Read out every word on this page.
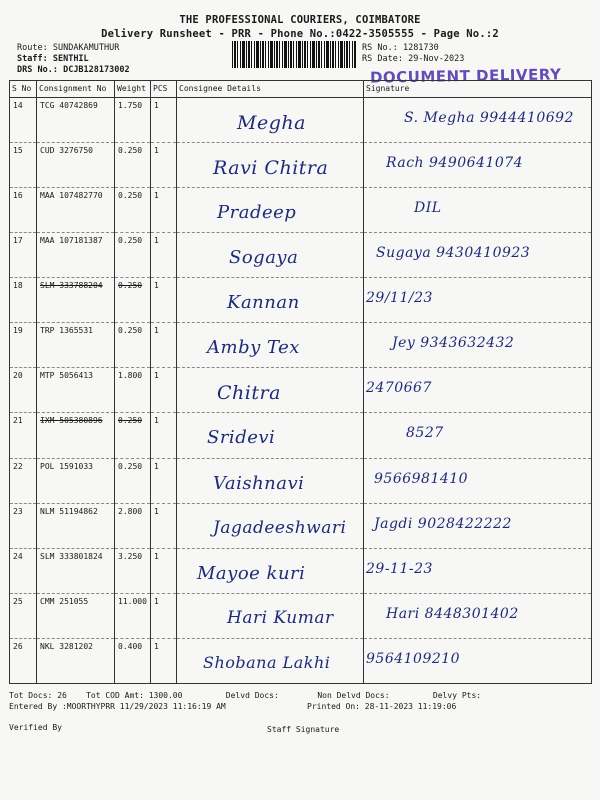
THE PROFESSIONAL COURIERS, COIMBATORE
Delivery Runsheet - PRR - Phone No.:0422-3505555 - Page No.:2
Route: SUNDAKAMUTHUR
Staff: SENTHIL
DRS No.: DCJB128173002
RS No.: 1281730
RS Date: 29-Nov-2023
DOCUMENT DELIVERY
S No	Consignment No	Weight	PCS	Consignee Details	Signature
14	TCG 40742869	1.750	1	Megha	S. Megha 9944410692

15	CUD 3276750	0.250	1	Ravi Chitra	Rach 9490641074

16	MAA 107482770	0.250	1	Pradeep	DIL

17	MAA 107181387	0.250	1	Sogaya	Sugaya 9430410923

18	SLM 333788204	0.250	1	Kannan	29/11/23

19	TRP 1365531	0.250	1	Amby Tex	Jey 9343632432

20	MTP 5056413	1.800	1	Chitra	2470667

21	IXM 505380896	0.250	1	Sridevi	8527

22	POL 1591033	0.250	1	Vaishnavi	9566981410

23	NLM 51194862	2.800	1	Jagadeeshwari	Jagdi 9028422222

24	SLM 333801824	3.250	1	Mayoe kuri	29-11-23

25	CMM 251055	11.000	1	Hari Kumar	Hari 8448301402

26	NKL 3281202	0.400	1	Shobana Lakhi	9564109210
Tot Docs: 26 Tot COD Amt: 1300.00	Delvd Docs:	Non Delvd Docs:	Delvy Pts:
Entered By :MOORTHYPRR 11/29/2023 11:16:19 AM	Printed On: 28-11-2023 11:19:06
Verified By	Staff Signature
